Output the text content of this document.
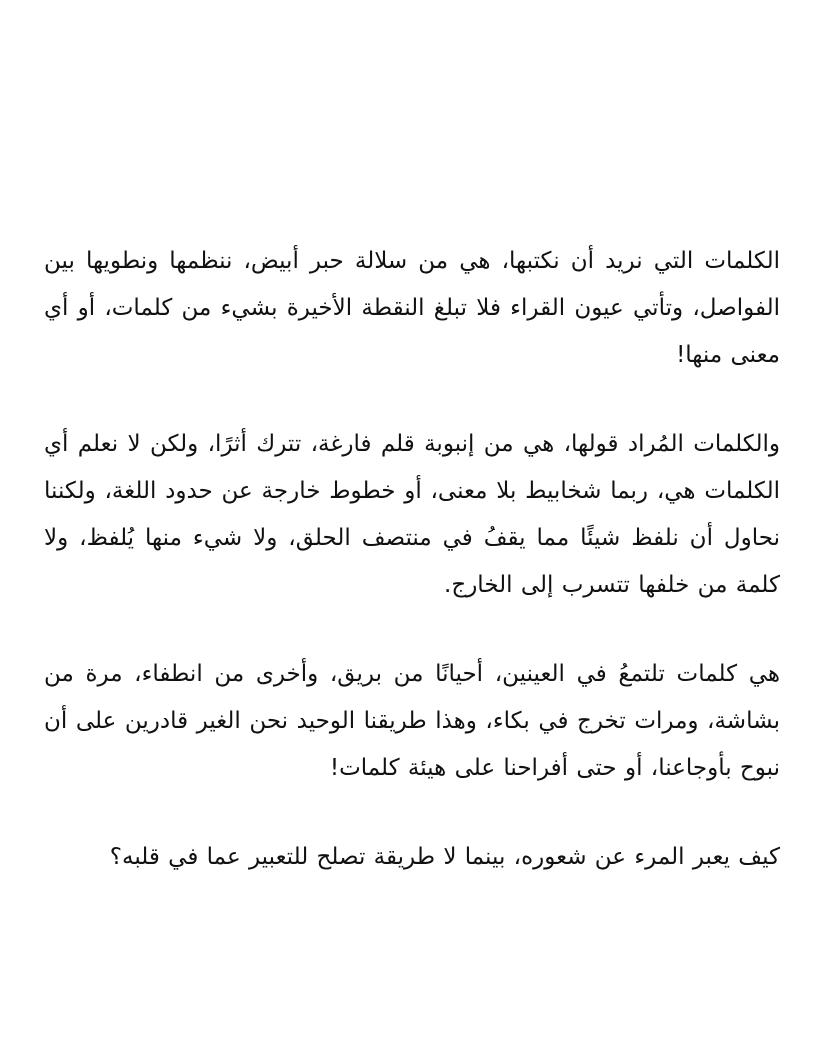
الكلمات التي نريد أن نكتبها، هي من سلالة حبر أبيض، ننظمها ونطويها بين الفواصل، وتأتي عيون القراء فلا تبلغ النقطة الأخيرة بشيء من كلمات، أو أي معنى منها!

والكلمات المُراد قولها، هي من إنبوبة قلم فارغة، تترك أثرًا، ولكن لا نعلم أي الكلمات هي، ربما شخابيط بلا معنى، أو خطوط خارجة عن حدود اللغة، ولكننا نحاول أن نلفظ شيئًا مما يقفُ في منتصف الحلق، ولا شيء منها يُلفظ، ولا كلمة من خلفها تتسرب إلى الخارج.

هي كلمات تلتمعُ في العينين، أحيانًا من بريق، وأخرى من انطفاء، مرة من بشاشة، ومرات تخرج في بكاء، وهذا طريقنا الوحيد نحن الغير قادرين على أن نبوح بأوجاعنا، أو حتى أفراحنا على هيئة كلمات!

كيف يعبر المرء عن شعوره، بينما لا طريقة تصلح للتعبير عما في قلبه؟
